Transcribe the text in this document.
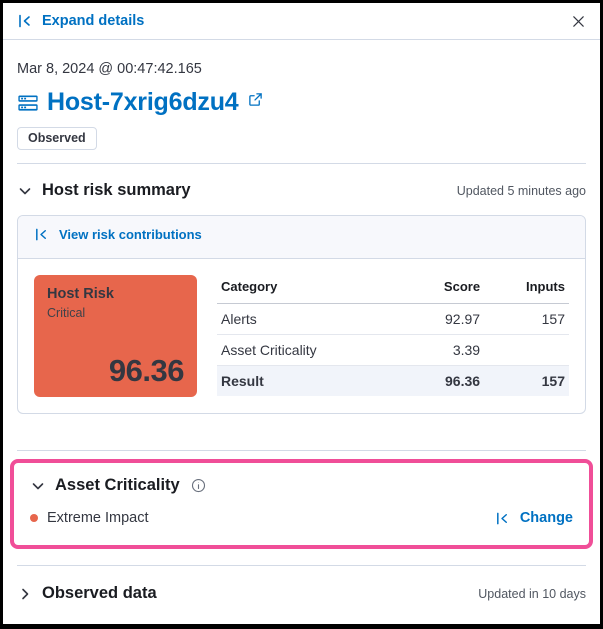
Expand details
Mar 8, 2024 @ 00:47:42.165
Host-7xrig6dzu4
Observed
Host risk summary	Updated 5 minutes ago
View risk contributions
Host Risk
Critical
96.36
Category	Score	Inputs
Alerts	92.97	157
Asset Criticality	3.39	
Result	96.36	157
Asset Criticality
Extreme Impact	Change
Observed data	Updated in 10 days
